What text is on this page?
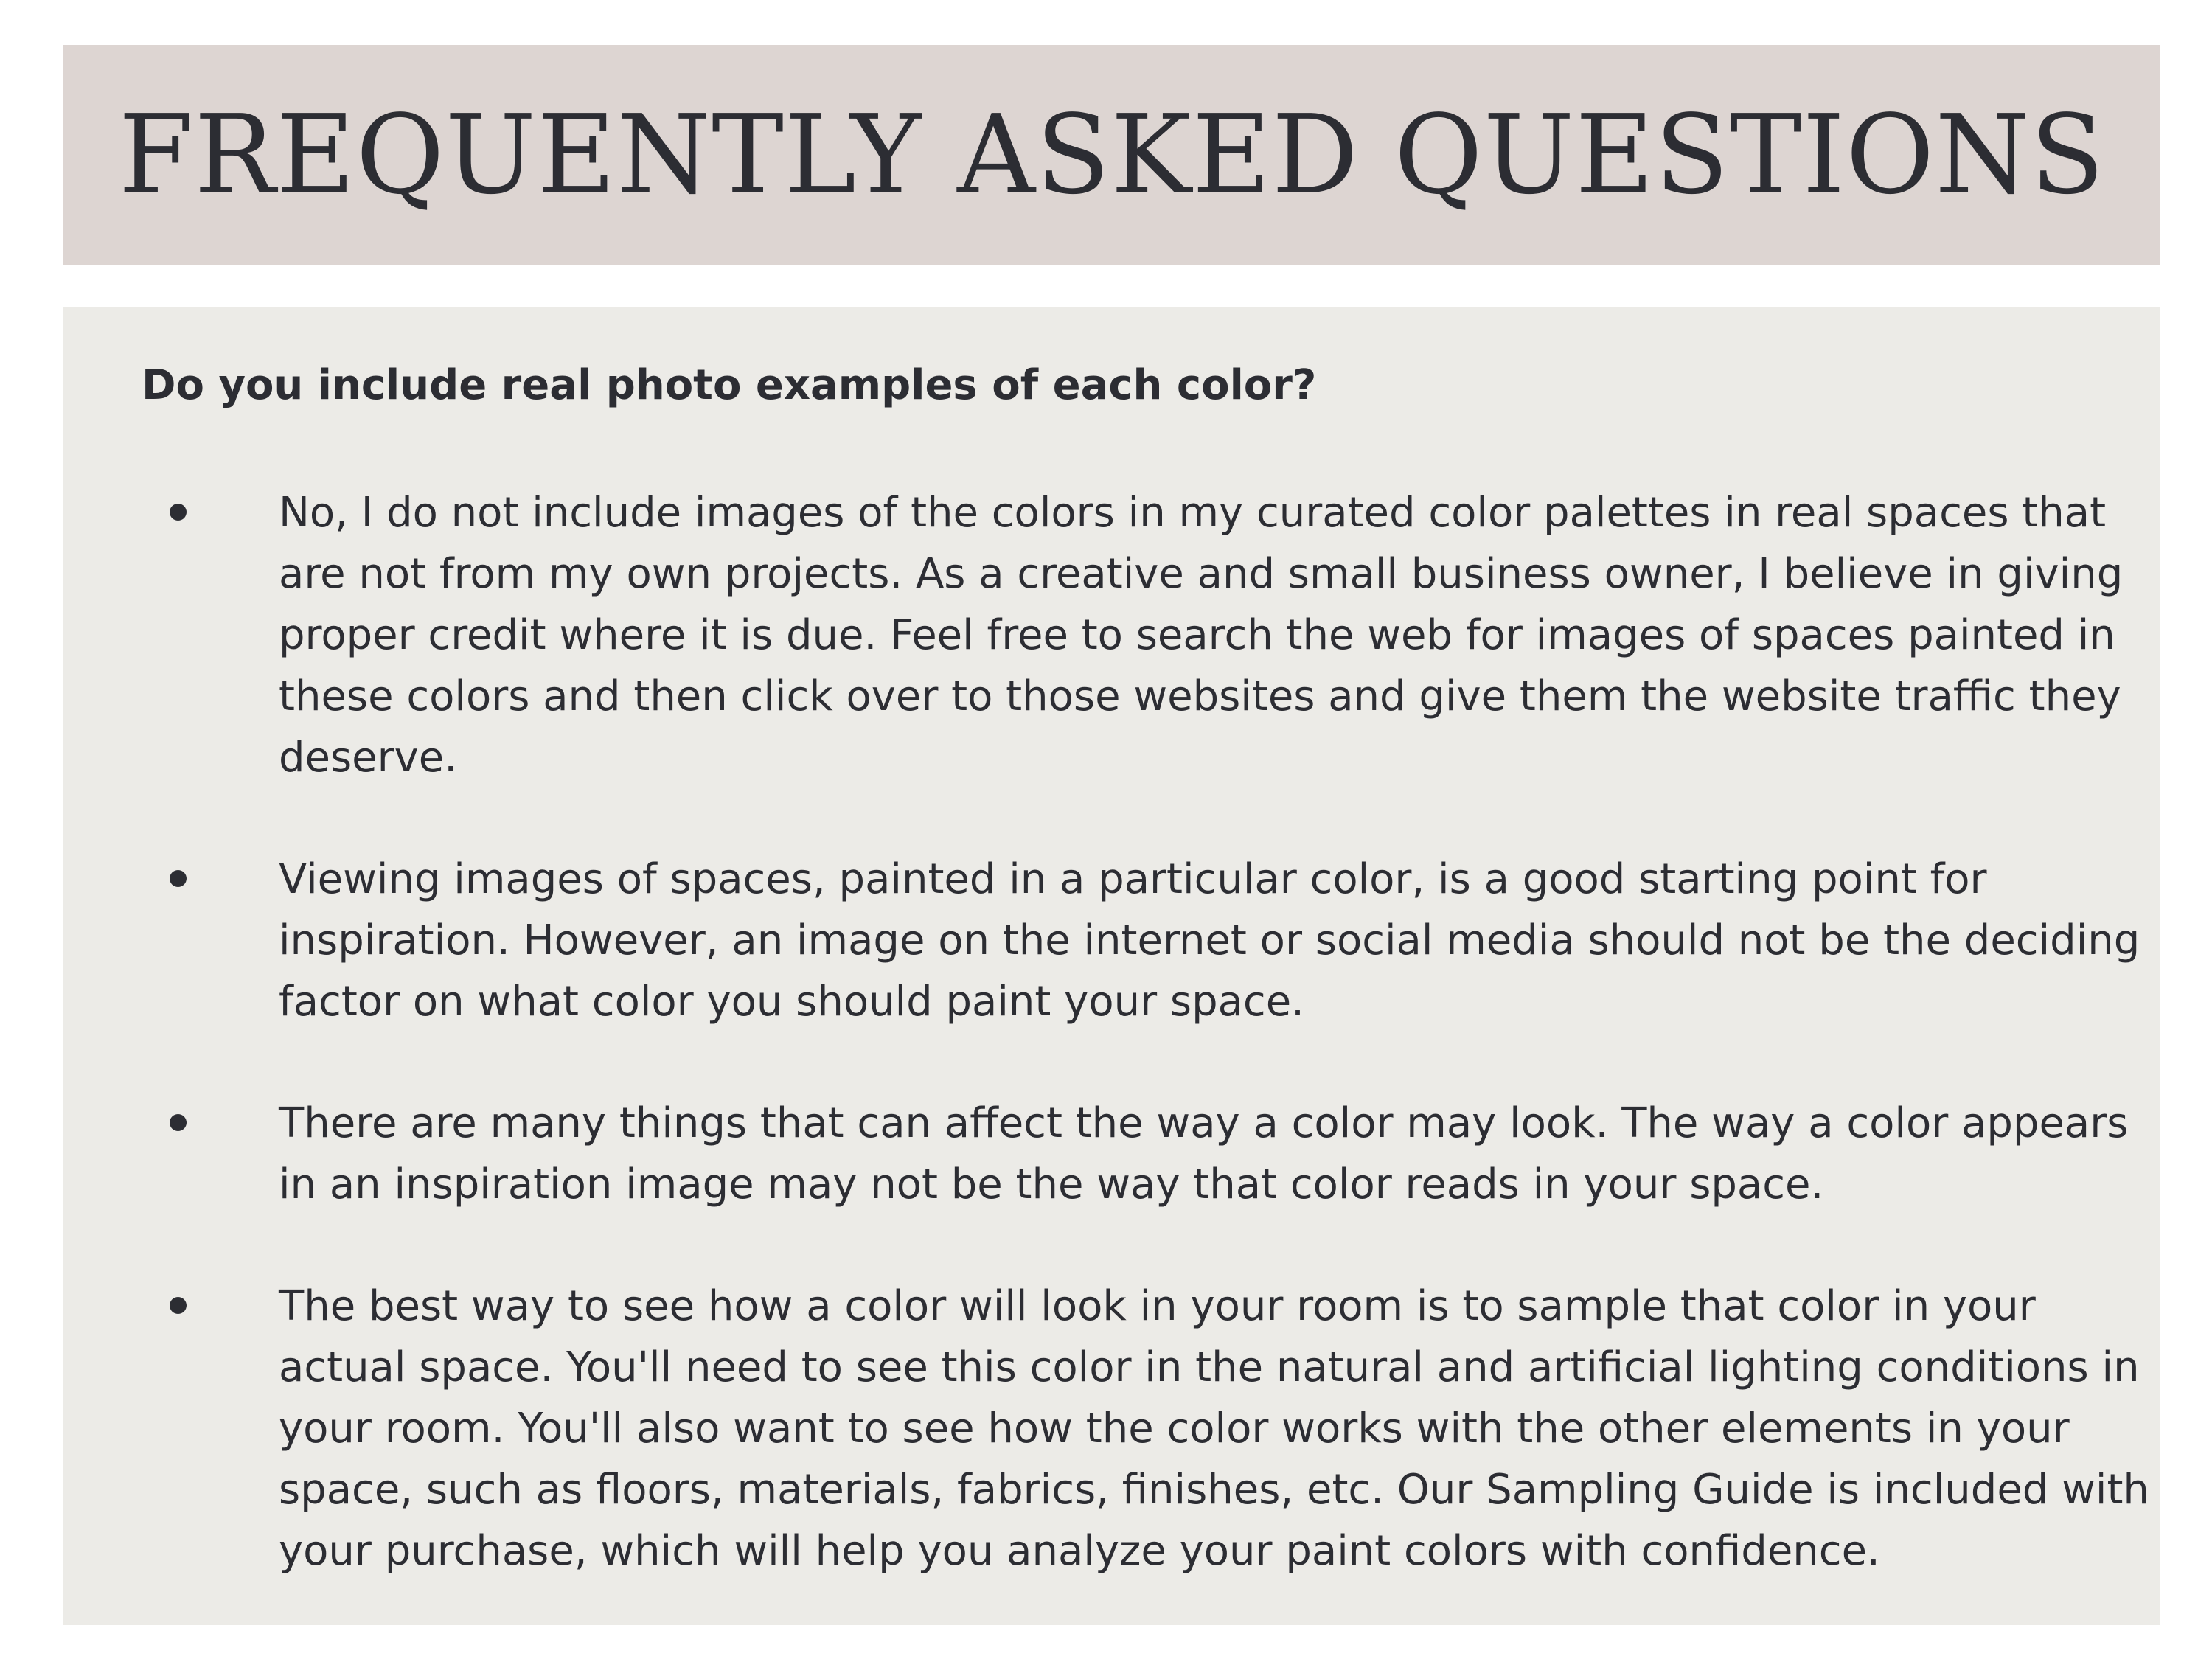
FREQUENTLY ASKED QUESTIONS
Do you include real photo examples of each color?
No, I do not include images of the colors in my curated color palettes in real spaces that are not from my own projects. As a creative and small business owner, I believe in giving proper credit where it is due. Feel free to search the web for images of spaces painted in these colors and then click over to those websites and give them the website traffic they deserve.
Viewing images of spaces, painted in a particular color, is a good starting point for inspiration. However, an image on the internet or social media should not be the deciding factor on what color you should paint your space.
There are many things that can affect the way a color may look. The way a color appears in an inspiration image may not be the way that color reads in your space.
The best way to see how a color will look in your room is to sample that color in your actual space. You'll need to see this color in the natural and artificial lighting conditions in your room. You'll also want to see how the color works with the other elements in your space, such as floors, materials, fabrics, finishes, etc. Our Sampling Guide is included with your purchase, which will help you analyze your paint colors with confidence.
